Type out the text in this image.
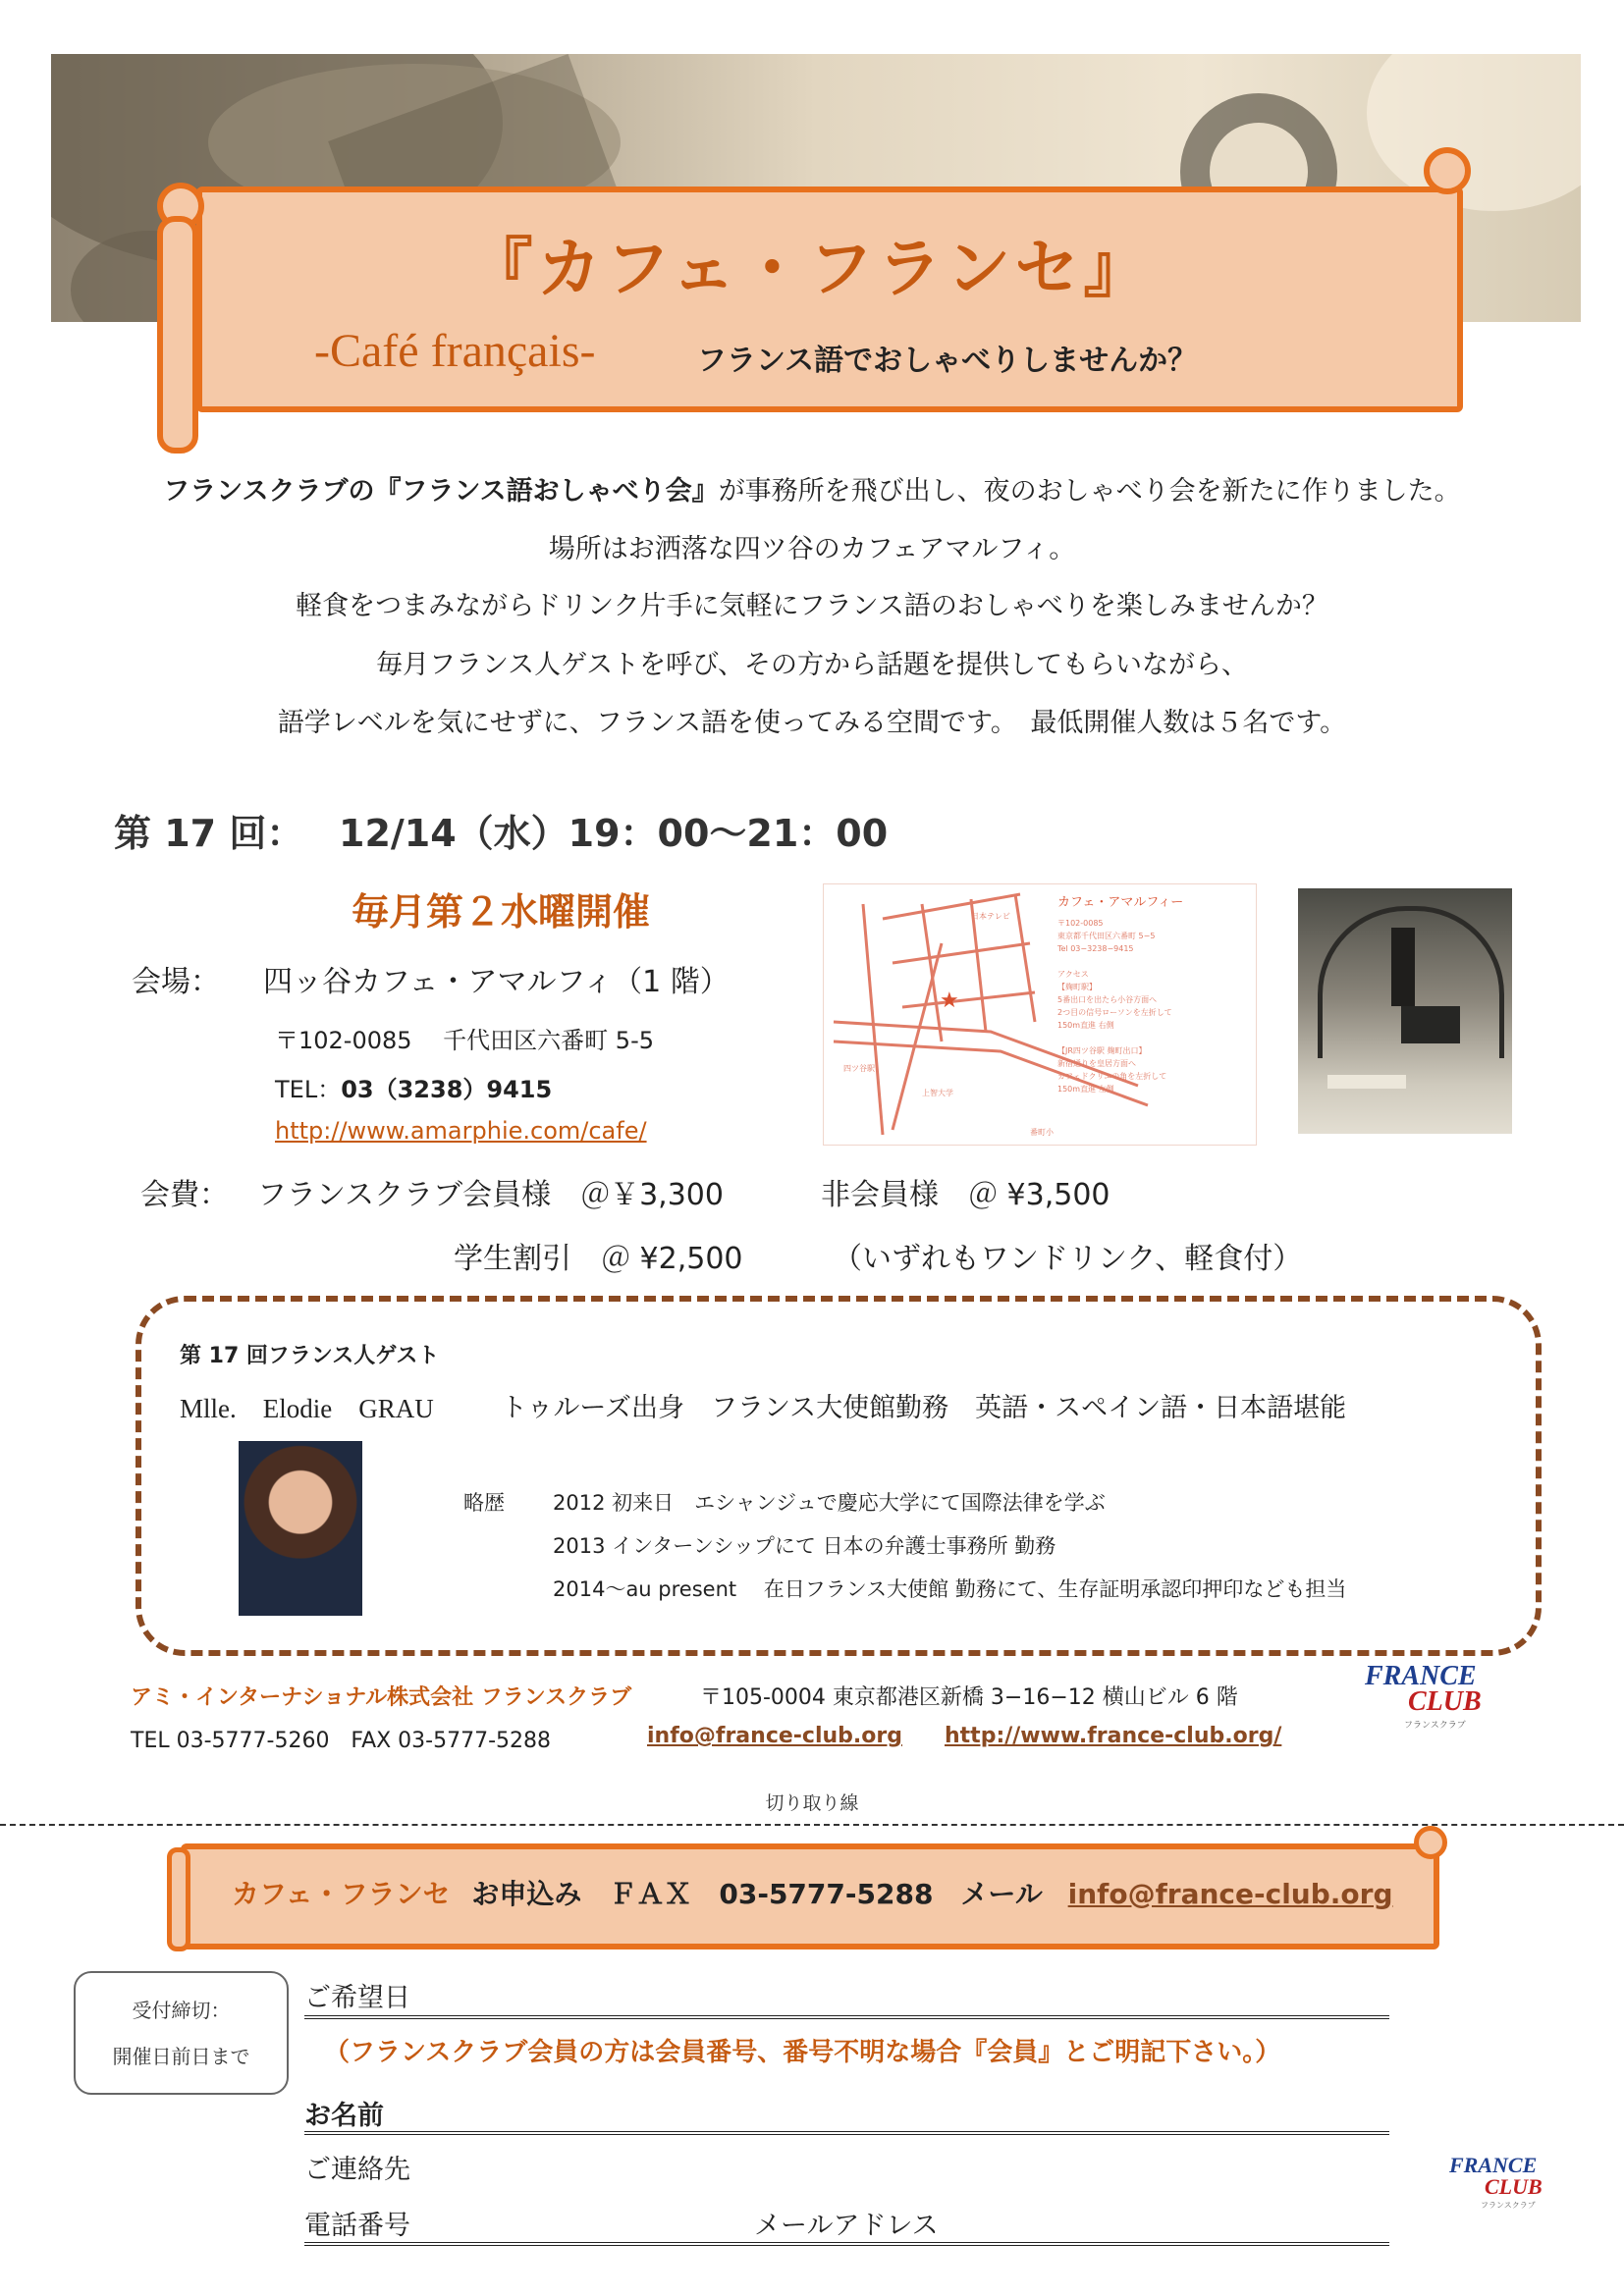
『カフェ・フランセ』
-Café français-	フランス語でおしゃべりしませんか？
フランスクラブの『フランス語おしゃべり会』が事務所を飛び出し、夜のおしゃべり会を新たに作りました。
場所はお洒落な四ツ谷のカフェアマルフィ。
軽食をつまみながらドリンク片手に気軽にフランス語のおしゃべりを楽しみませんか？
毎月フランス人ゲストを呼び、その方から話題を提供してもらいながら、
語学レベルを気にせずに、フランス語を使ってみる空間です。　最低開催人数は５名です。
第 17 回： 12/14（水）19：00〜21：00
毎月第２水曜開催
会場： 四ッ谷カフェ・アマルフィ（1 階）
〒102-0085　 千代田区六番町 5-5
TEL：03（3238）9415
http://www.amarphie.com/cafe/
★
カフェ・アマルフィー
〒102-0085
東京都千代田区六番町 5−5
Tel 03−3238−9415
アクセス
【麹町駅】
5番出口を出たら小谷方面へ
2つ目の信号ローソンを左折して
150m直進 右側
【JR四ツ谷駅 麹町出口】
新宿通りを皇居方面へ
カフェドクリエの角を左折して
150m直進 左側
四ツ谷駅
上智大学
日本テレビ
番町小
会費： フランスクラブ会員様　＠￥3,300	非会員様　＠ ¥3,500
学生割引　＠ ¥2,500	（いずれもワンドリンク、軽食付）
第 17 回フランス人ゲスト
Mlle.　Elodie　GRAU	トゥルーズ出身　フランス大使館勤務　英語・スペイン語・日本語堪能
略歴 2012 初来日　エシャンジュで慶応大学にて国際法律を学ぶ
2013 インターンシップにて 日本の弁護士事務所 勤務
2014〜au present　 在日フランス大使館 勤務にて、生存証明承認印押印なども担当
アミ・インターナショナル株式会社 フランスクラブ	〒105-0004 東京都港区新橋 3−16−12 横山ビル 6 階
TEL 03-5777-5260　FAX 03-5777-5288	info@france-club.org http://www.france-club.org/
FRANCE
CLUB
フランスクラブ
切り取り線
カフェ・フランセ お申込み　ＦＡＸ　03-5777-5288　メール info@france-club.org
受付締切：
開催日前日まで
ご希望日
（フランスクラブ会員の方は会員番号、番号不明な場合『会員』とご明記下さい。）
お名前
ご連絡先
電話番号	メールアドレス
FRANCE
CLUB
フランスクラブ
